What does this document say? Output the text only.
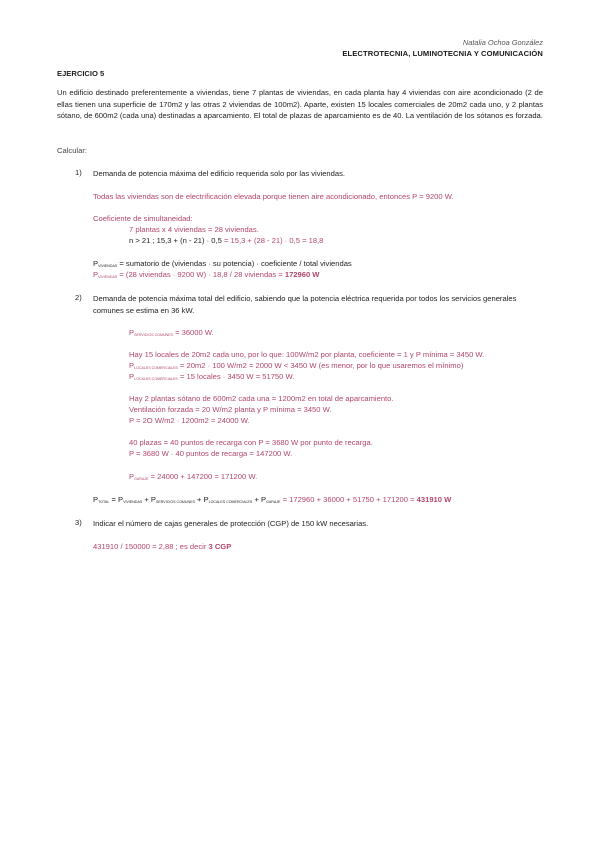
Natalia Ochoa González
ELECTROTECNIA, LUMINOTECNIA Y COMUNICACIÓN
EJERCICIO 5
Un edificio destinado preferentemente a viviendas, tiene 7 plantas de viviendas, en cada planta hay 4 viviendas con aire acondicionado (2 de ellas tienen una superficie de 170m2 y las otras 2 viviendas de 100m2). Aparte, existen 15 locales comerciales de 20m2 cada uno, y 2 plantas sótano, de 600m2 (cada una) destinadas a aparcamiento. El total de plazas de aparcamiento es de 40. La ventilación de los sótanos es forzada.
Calcular:
1) Demanda de potencia máxima del edificio requerida solo por las viviendas.
Todas las viviendas son de electrificación elevada porque tienen aire acondicionado, entonces P = 9200 W.
Coeficiente de simultaneidad:
7 plantas x 4 viviendas = 28 viviendas.
n > 21 ; 15,3 + (n - 21) · 0,5 = 15,3 + (28 - 21) · 0,5 = 18,8
$P_{VIVIENDAS}$ = sumatorio de (viviendas · su potencia) · coeficiente / total viviendas
$P_{VIVIENDAS} = (28$ viviendas · 9200 W) · 18,8 / 28 viviendas = 172960 W
2) Demanda de potencia máxima total del edificio, sabiendo que la potencia eléctrica requerida por todos los servicios generales comunes se estima en 36 kW.
$P_{SERVICIOS COMUNES} = 36000$ W.
Hay 15 locales de 20m2 cada uno, por lo que: 100W/m2 por planta, coeficiente = 1 y P mínima = 3450 W.
$P_{LOCALES COMERCIALES} = 20m2 \cdot 100$ W/m2 = 2000 W < 3450 W (es menor, por lo que usaremos el mínimo)
$P_{LOCALES COMERCIALES} = 15$ locales · 3450 W = 51750 W.
Hay 2 plantas sótano de 600m2 cada una = 1200m2 en total de aparcamiento.
Ventilación forzada = 20 W/m2 planta y P mínima = 3450 W.
P = 2O W/m2 · 1200m2 = 24000 W.
40 plazas = 40 puntos de recarga con P = 3680 W por punto de recarga.
P = 3680 W · 40 puntos de recarga = 147200 W.
$P_{GARAJE} = 24000 + 147200 = 171200$ W.
$P_{TOTAL} = P_{VIVIENDAS} + P_{SERVICIOS COMUNES} + P_{LOCALES COMERCIALES} + P_{GARAJE} = 172960 + 36000 + 51750 + 171200 = 431910$ W
3) Indicar el número de cajas generales de protección (CGP) de 150 kW necesarias.
431910 / 150000 = 2,88 ; es decir 3 CGP
